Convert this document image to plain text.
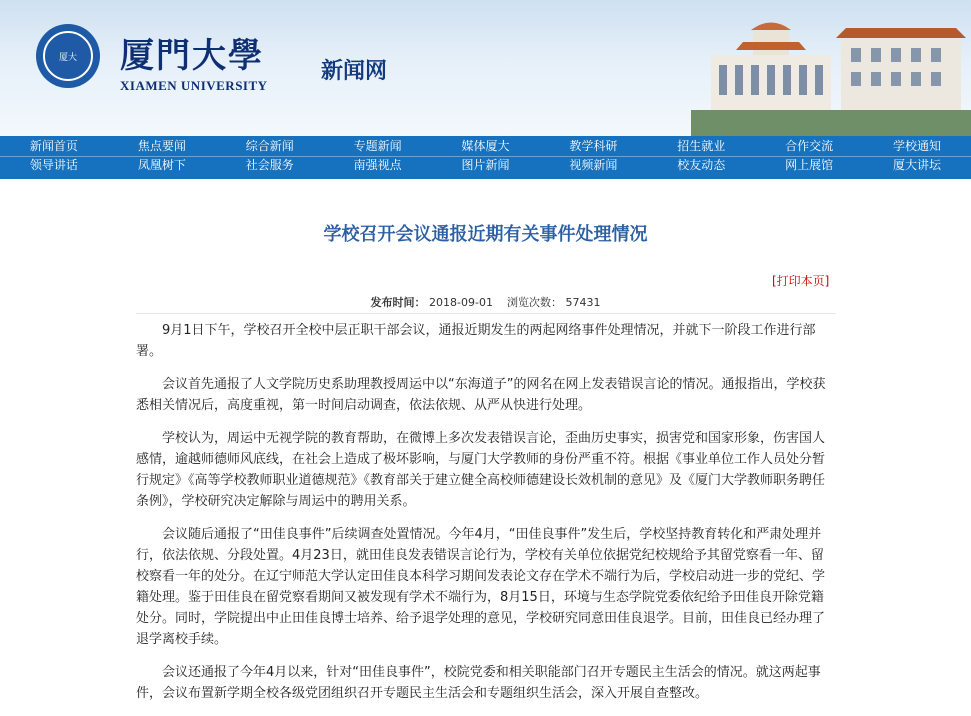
厦大	厦門大學
XIAMEN UNIVERSITY
新闻网
新闻首页	焦点要闻	综合新闻	专题新闻	媒体厦大	教学科研	招生就业	合作交流	学校通知
领导讲话	凤凰树下	社会服务	南强视点	图片新闻	视频新闻	校友动态	网上展馆	厦大讲坛
学校召开会议通报近期有关事件处理情况
[打印本页]
发布时间： 2018-09-01 浏览次数： 57431

9月1日下午，学校召开全校中层正职干部会议，通报近期发生的两起网络事件处理情况，并就下一阶段工作进行部署。

会议首先通报了人文学院历史系助理教授周运中以“东海道子”的网名在网上发表错误言论的情况。通报指出，学校获悉相关情况后，高度重视，第一时间启动调查，依法依规、从严从快进行处理。

学校认为，周运中无视学院的教育帮助，在微博上多次发表错误言论，歪曲历史事实，损害党和国家形象，伤害国人感情，逾越师德师风底线，在社会上造成了极坏影响，与厦门大学教师的身份严重不符。根据《事业单位工作人员处分暂行规定》《高等学校教师职业道德规范》《教育部关于建立健全高校师德建设长效机制的意见》及《厦门大学教师职务聘任条例》，学校研究决定解除与周运中的聘用关系。

会议随后通报了“田佳良事件”后续调查处置情况。今年4月，“田佳良事件”发生后，学校坚持教育转化和严肃处理并行，依法依规、分段处置。4月23日，就田佳良发表错误言论行为，学校有关单位依据党纪校规给予其留党察看一年、留校察看一年的处分。在辽宁师范大学认定田佳良本科学习期间发表论文存在学术不端行为后，学校启动进一步的党纪、学籍处理。鉴于田佳良在留党察看期间又被发现有学术不端行为，8月15日，环境与生态学院党委依纪给予田佳良开除党籍处分。同时，学院提出中止田佳良博士培养、给予退学处理的意见，学校研究同意田佳良退学。目前，田佳良已经办理了退学离校手续。

会议还通报了今年4月以来，针对“田佳良事件”，校院党委和相关职能部门召开专题民主生活会的情况。就这两起事件，会议布置新学期全校各级党团组织召开专题民主生活会和专题组织生活会，深入开展自查整改。
